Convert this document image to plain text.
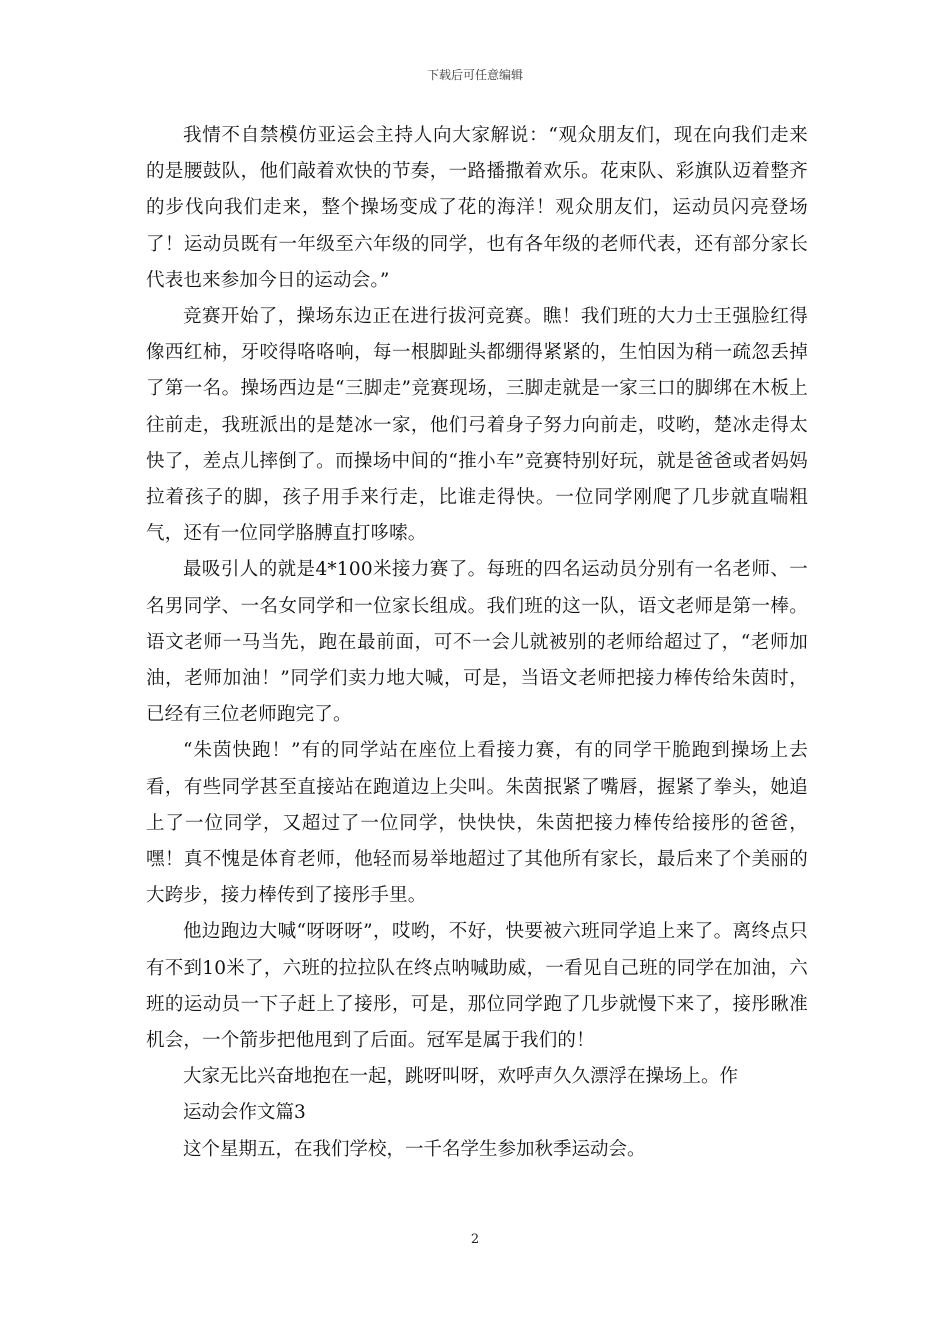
下载后可任意编辑

我情不自禁模仿亚运会主持人向大家解说：“观众朋友们，现在向我们走来的是腰鼓队，他们敲着欢快的节奏，一路播撒着欢乐。花束队、彩旗队迈着整齐的步伐向我们走来，整个操场变成了花的海洋！观众朋友们，运动员闪亮登场了！运动员既有一年级至六年级的同学，也有各年级的老师代表，还有部分家长代表也来参加今日的运动会。”

竞赛开始了，操场东边正在进行拔河竞赛。瞧！我们班的大力士王强脸红得像西红柿，牙咬得咯咯响，每一根脚趾头都绷得紧紧的，生怕因为稍一疏忽丢掉了第一名。操场西边是“三脚走”竞赛现场，三脚走就是一家三口的脚绑在木板上往前走，我班派出的是楚冰一家，他们弓着身子努力向前走，哎哟，楚冰走得太快了，差点儿摔倒了。而操场中间的“推小车”竞赛特别好玩，就是爸爸或者妈妈拉着孩子的脚，孩子用手来行走，比谁走得快。一位同学刚爬了几步就直喘粗气，还有一位同学胳膊直打哆嗦。

最吸引人的就是4*100米接力赛了。每班的四名运动员分别有一名老师、一名男同学、一名女同学和一位家长组成。我们班的这一队，语文老师是第一棒。语文老师一马当先，跑在最前面，可不一会儿就被别的老师给超过了，“老师加油，老师加油！”同学们卖力地大喊，可是，当语文老师把接力棒传给朱茵时，已经有三位老师跑完了。

“朱茵快跑！”有的同学站在座位上看接力赛，有的同学干脆跑到操场上去看，有些同学甚至直接站在跑道边上尖叫。朱茵抿紧了嘴唇，握紧了拳头，她追上了一位同学，又超过了一位同学，快快快，朱茵把接力棒传给接彤的爸爸，嘿！真不愧是体育老师，他轻而易举地超过了其他所有家长，最后来了个美丽的大跨步，接力棒传到了接彤手里。

他边跑边大喊“呀呀呀”，哎哟，不好，快要被六班同学追上来了。离终点只有不到10米了，六班的拉拉队在终点呐喊助威，一看见自己班的同学在加油，六班的运动员一下子赶上了接彤，可是，那位同学跑了几步就慢下来了，接彤瞅准机会，一个箭步把他甩到了后面。冠军是属于我们的！

大家无比兴奋地抱在一起，跳呀叫呀，欢呼声久久漂浮在操场上。作

运动会作文篇3

这个星期五，在我们学校，一千名学生参加秋季运动会。

2
